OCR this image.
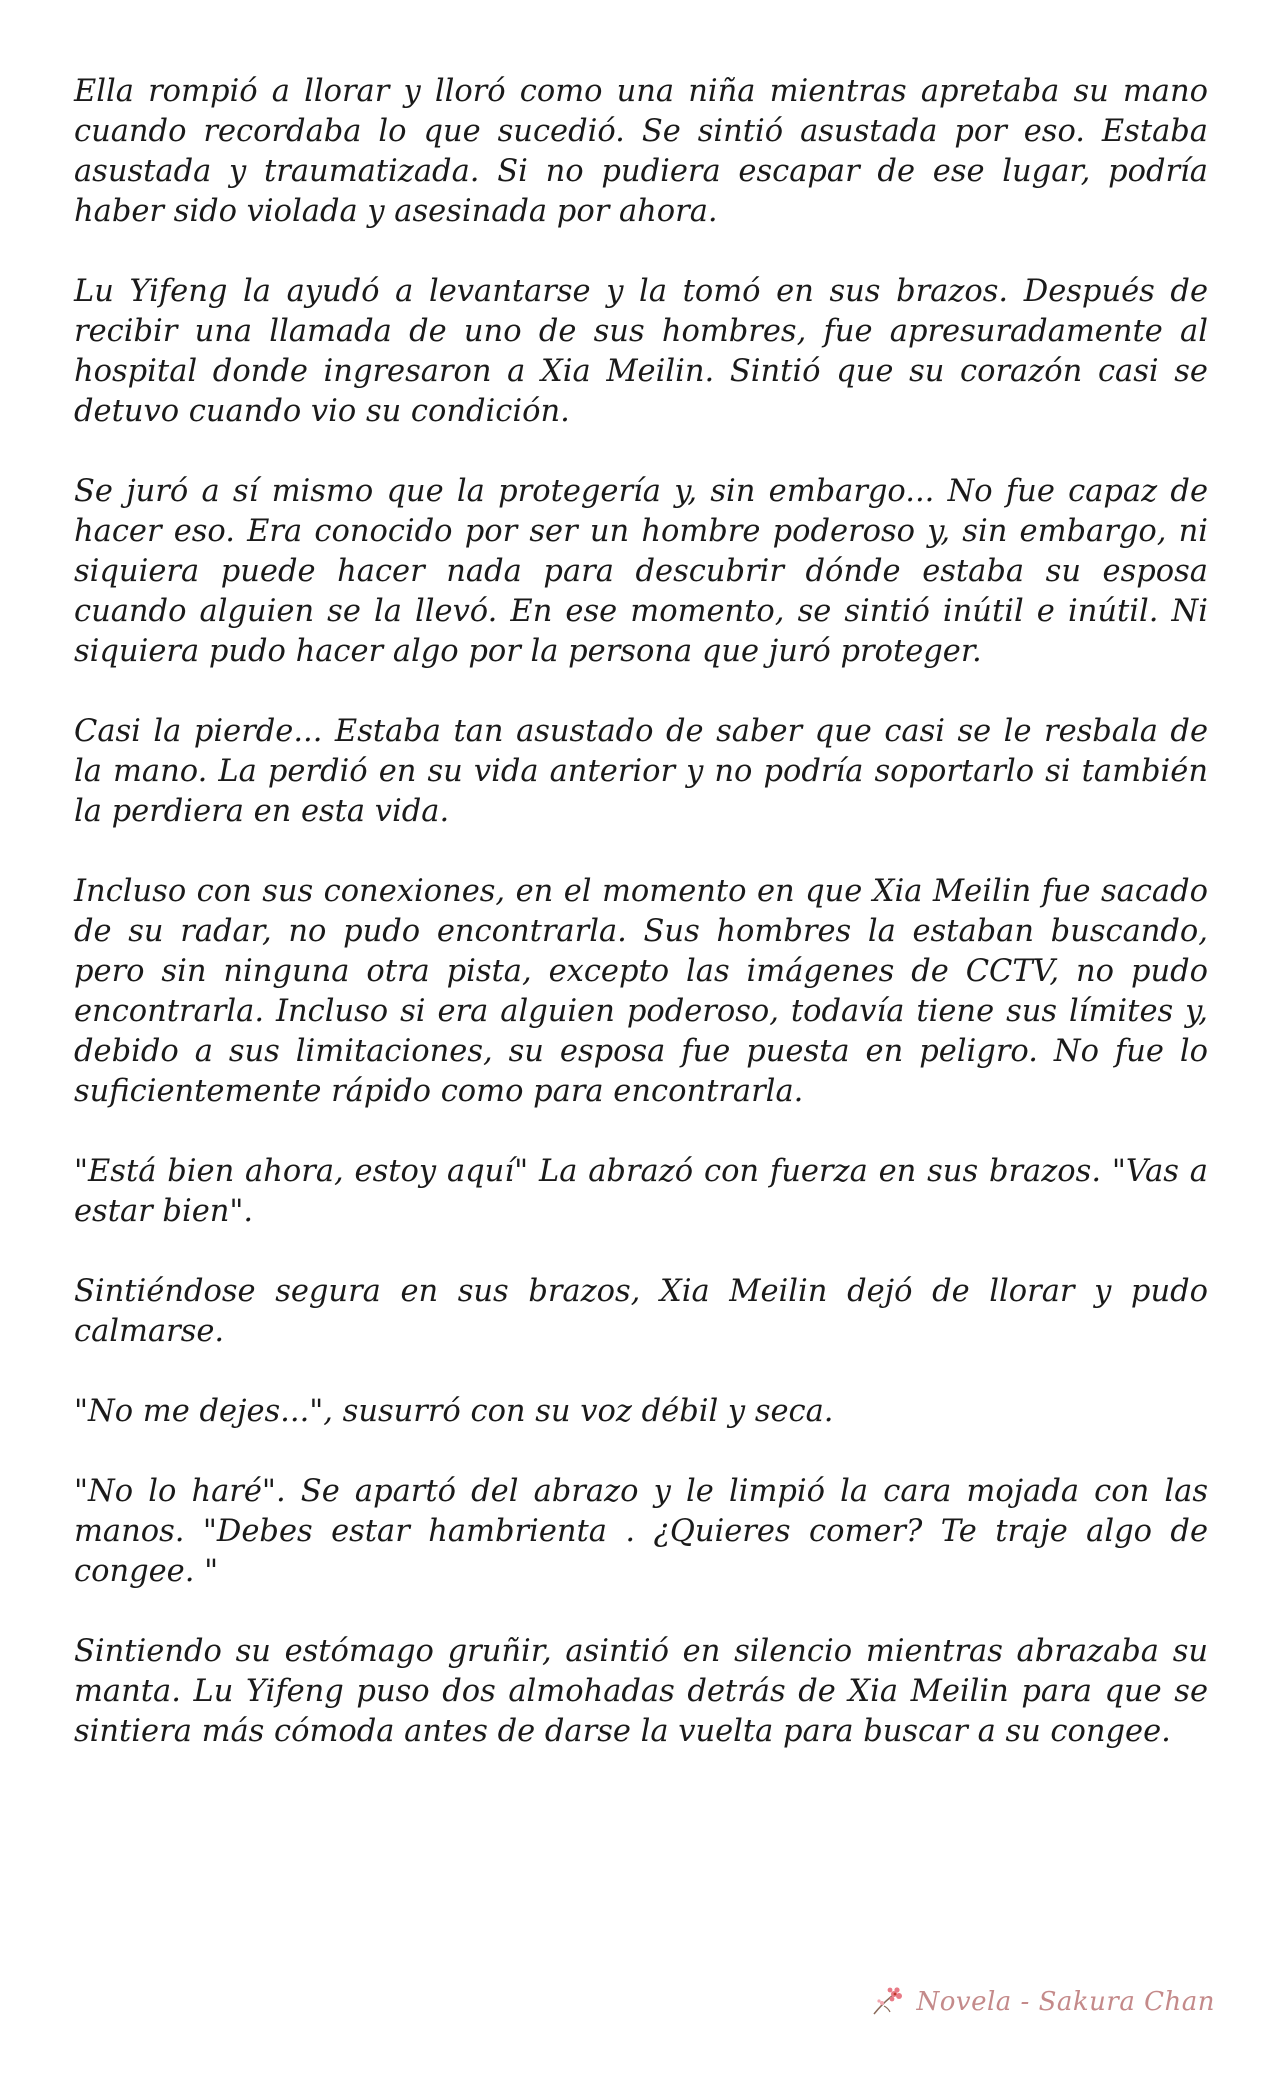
Ella rompió a llorar y lloró como una niña mientras apretaba su mano cuando recordaba lo que sucedió. Se sintió asustada por eso. Estaba asustada y traumatizada. Si no pudiera escapar de ese lugar, podría haber sido violada y asesinada por ahora.

Lu Yifeng la ayudó a levantarse y la tomó en sus brazos. Después de recibir una llamada de uno de sus hombres, fue apresuradamente al hospital donde ingresaron a Xia Meilin. Sintió que su corazón casi se detuvo cuando vio su condición.

Se juró a sí mismo que la protegería y, sin embargo... No fue capaz de hacer eso. Era conocido por ser un hombre poderoso y, sin embargo, ni siquiera puede hacer nada para descubrir dónde estaba su esposa cuando alguien se la llevó. En ese momento, se sintió inútil e inútil. Ni siquiera pudo hacer algo por la persona que juró proteger.

Casi la pierde... Estaba tan asustado de saber que casi se le resbala de la mano. La perdió en su vida anterior y no podría soportarlo si también la perdiera en esta vida.

Incluso con sus conexiones, en el momento en que Xia Meilin fue sacado de su radar, no pudo encontrarla. Sus hombres la estaban buscando, pero sin ninguna otra pista, excepto las imágenes de CCTV, no pudo encontrarla. Incluso si era alguien poderoso, todavía tiene sus límites y, debido a sus limitaciones, su esposa fue puesta en peligro. No fue lo suficientemente rápido como para encontrarla.

"Está bien ahora, estoy aquí" La abrazó con fuerza en sus brazos. "Vas a estar bien".

Sintiéndose segura en sus brazos, Xia Meilin dejó de llorar y pudo calmarse.

"No me dejes...", susurró con su voz débil y seca.

"No lo haré". Se apartó del abrazo y le limpió la cara mojada con las manos. "Debes estar hambrienta . ¿Quieres comer? Te traje algo de congee. "

Sintiendo su estómago gruñir, asintió en silencio mientras abrazaba su manta. Lu Yifeng puso dos almohadas detrás de Xia Meilin para que se sintiera más cómoda antes de darse la vuelta para buscar a su congee.

Novela - Sakura Chan
